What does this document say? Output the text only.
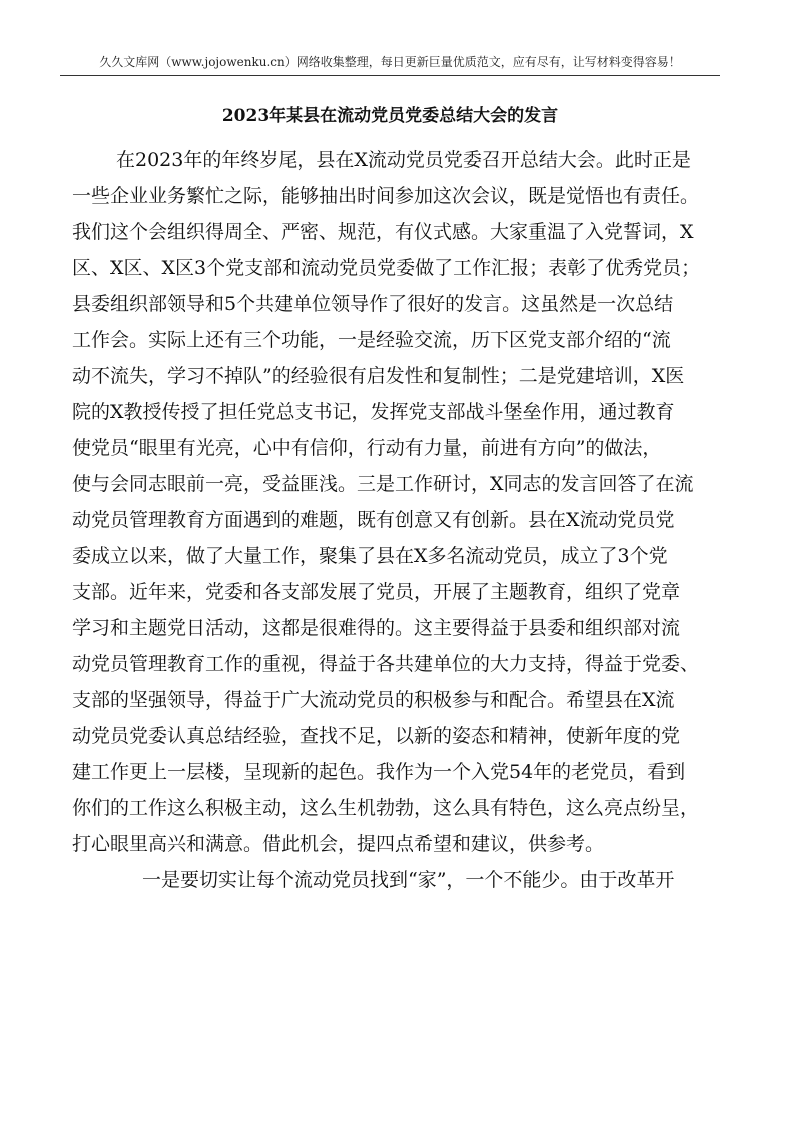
久久文库网（www.jojowenku.cn）网络收集整理，每日更新巨量优质范文，应有尽有，让写材料变得容易！
2023年某县在流动党员党委总结大会的发言
在2023年的年终岁尾，县在X流动党员党委召开总结大会。此时正是
一些企业业务繁忙之际，能够抽出时间参加这次会议，既是觉悟也有责任。
我们这个会组织得周全、严密、规范，有仪式感。大家重温了入党誓词，X
区、X区、X区3个党支部和流动党员党委做了工作汇报；表彰了优秀党员；
县委组织部领导和5个共建单位领导作了很好的发言。这虽然是一次总结
工作会。实际上还有三个功能，一是经验交流，历下区党支部介绍的“流
动不流失，学习不掉队”的经验很有启发性和复制性；二是党建培训，X医
院的X教授传授了担任党总支书记，发挥党支部战斗堡垒作用，通过教育
使党员“眼里有光亮，心中有信仰，行动有力量，前进有方向”的做法，
使与会同志眼前一亮，受益匪浅。三是工作研讨，X同志的发言回答了在流
动党员管理教育方面遇到的难题，既有创意又有创新。县在X流动党员党
委成立以来，做了大量工作，聚集了县在X多名流动党员，成立了3个党
支部。近年来，党委和各支部发展了党员，开展了主题教育，组织了党章
学习和主题党日活动，这都是很难得的。这主要得益于县委和组织部对流
动党员管理教育工作的重视，得益于各共建单位的大力支持，得益于党委、
支部的坚强领导，得益于广大流动党员的积极参与和配合。希望县在X流
动党员党委认真总结经验，查找不足，以新的姿态和精神，使新年度的党
建工作更上一层楼，呈现新的起色。我作为一个入党54年的老党员，看到
你们的工作这么积极主动，这么生机勃勃，这么具有特色，这么亮点纷呈，
打心眼里高兴和满意。借此机会，提四点希望和建议，供参考。
一是要切实让每个流动党员找到“家”，一个不能少。由于改革开
